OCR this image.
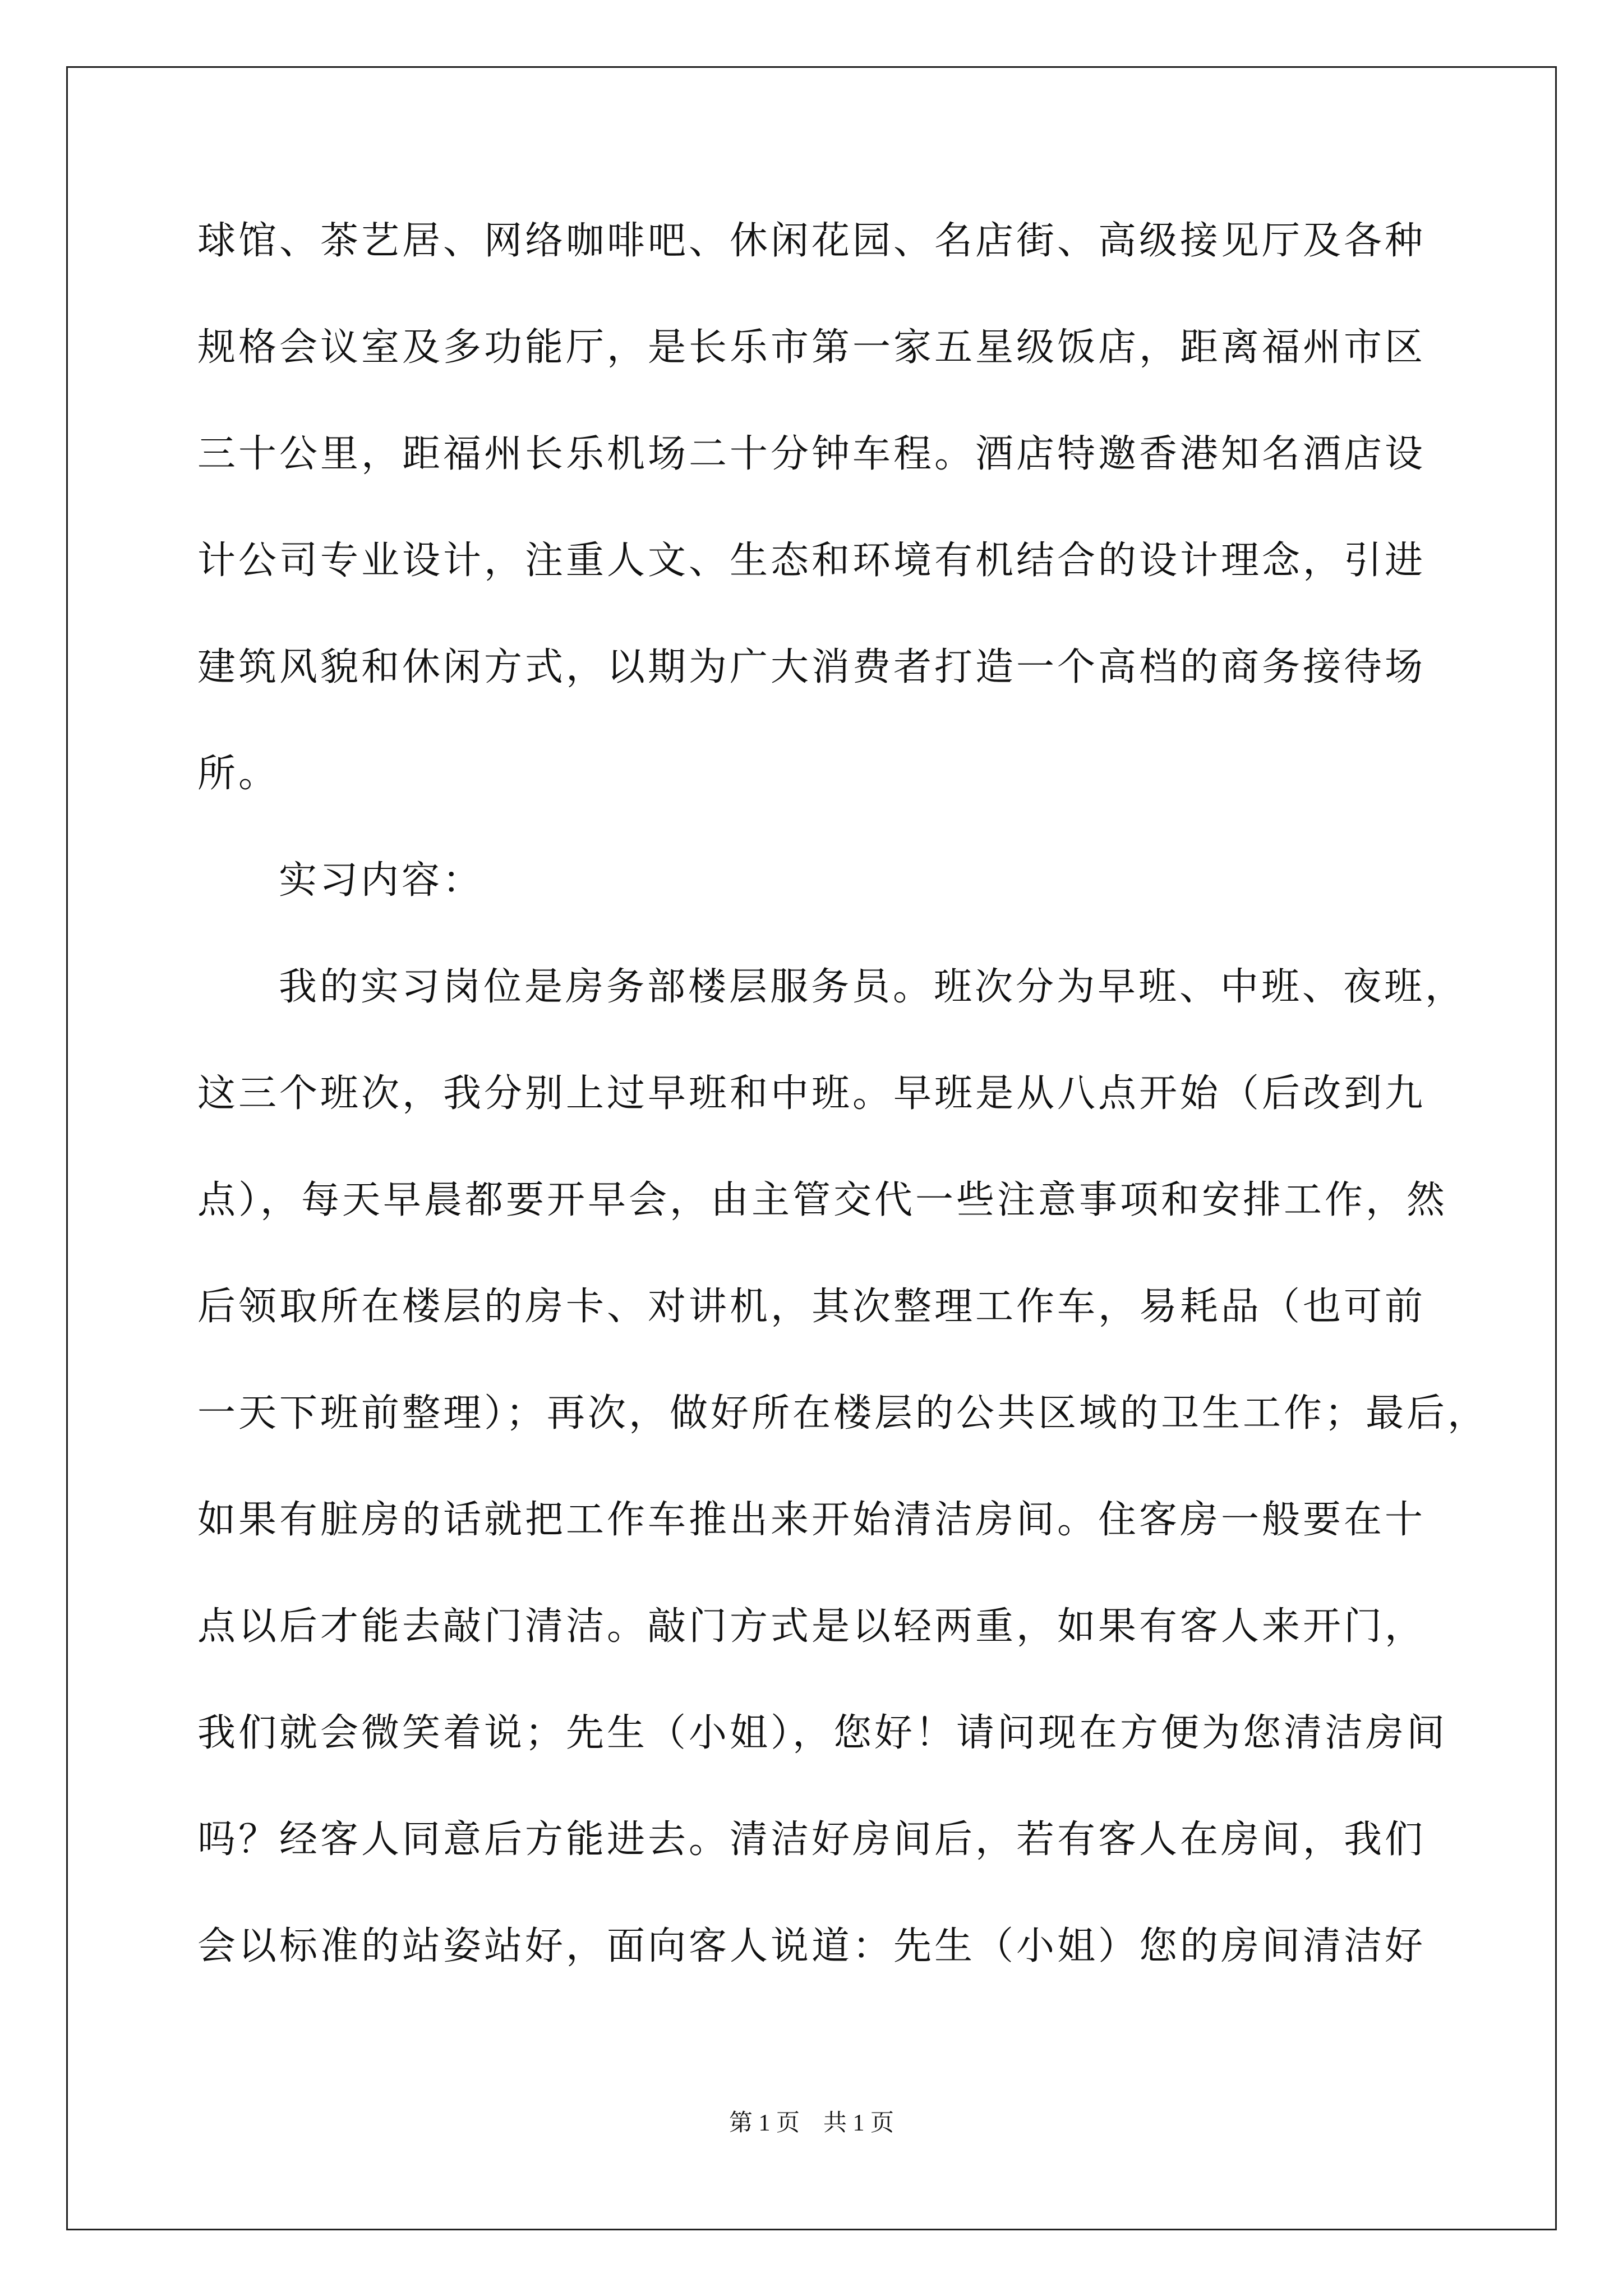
球馆、茶艺居、网络咖啡吧、休闲花园、名店街、高级接见厅及各种
规格会议室及多功能厅，是长乐市第一家五星级饭店，距离福州市区
三十公里，距福州长乐机场二十分钟车程。酒店特邀香港知名酒店设
计公司专业设计，注重人文、生态和环境有机结合的设计理念，引进
建筑风貌和休闲方式，以期为广大消费者打造一个高档的商务接待场
所。
实习内容：
我的实习岗位是房务部楼层服务员。班次分为早班、中班、夜班，
这三个班次，我分别上过早班和中班。早班是从八点开始（后改到九
点），每天早晨都要开早会，由主管交代一些注意事项和安排工作，然
后领取所在楼层的房卡、对讲机，其次整理工作车，易耗品（也可前
一天下班前整理）；再次，做好所在楼层的公共区域的卫生工作；最后，
如果有脏房的话就把工作车推出来开始清洁房间。住客房一般要在十
点以后才能去敲门清洁。敲门方式是以轻两重，如果有客人来开门，
我们就会微笑着说；先生（小姐），您好！请问现在方便为您清洁房间
吗？经客人同意后方能进去。清洁好房间后，若有客人在房间，我们
会以标准的站姿站好，面向客人说道：先生（小姐）您的房间清洁好
第 1 页    共 1 页
